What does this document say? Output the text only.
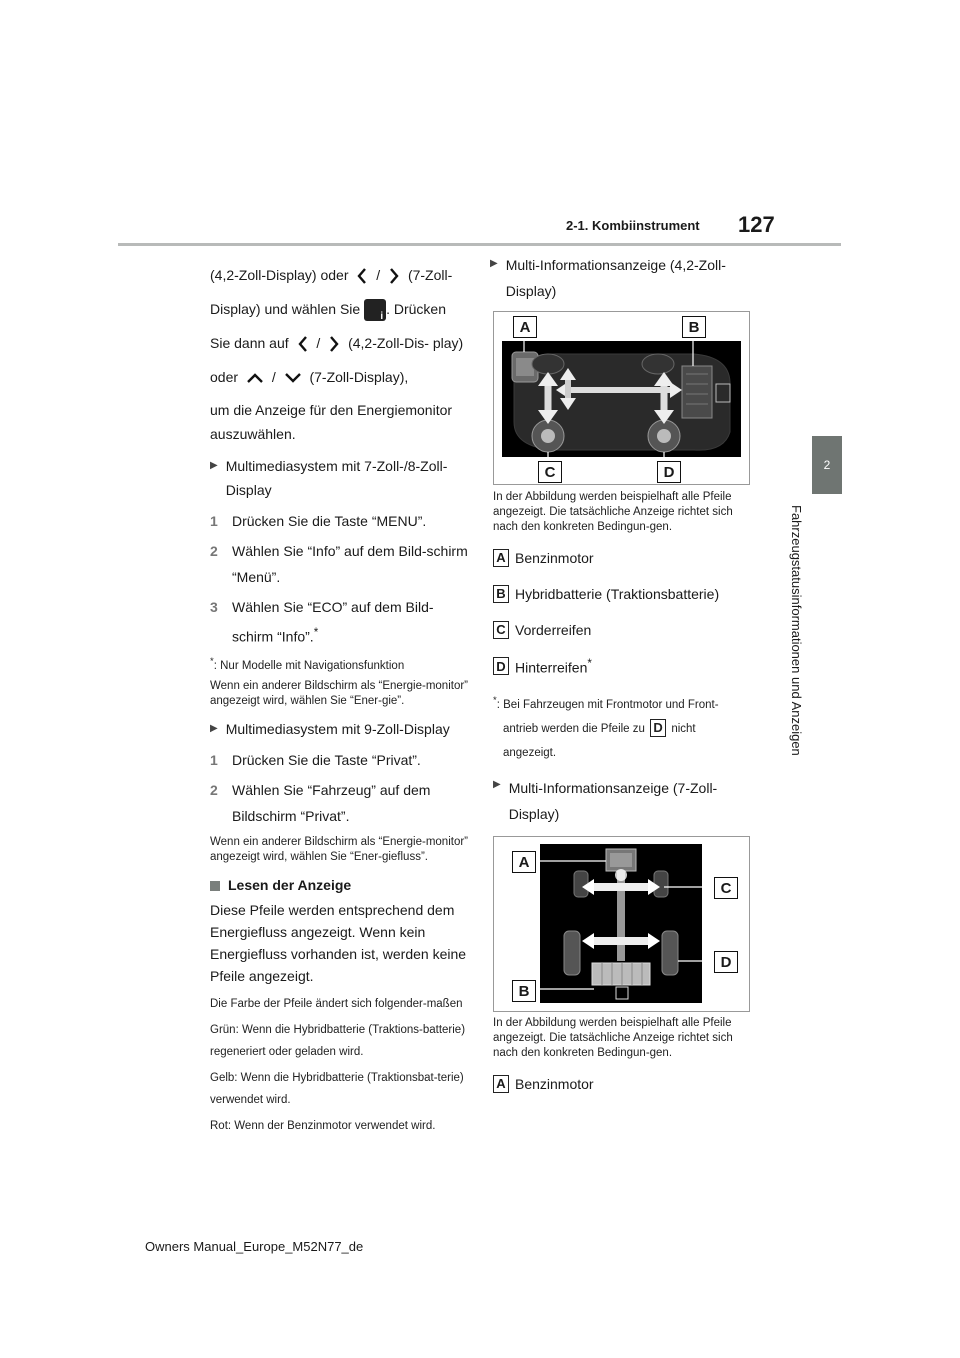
2-1. Kombiinstrument 127
2
Fahrzeugstatusinformationen und Anzeigen

(4,2-Zoll-Display) oder / (7-Zoll- Display) und wählen Sie i . Drücken Sie dann auf / (4,2-Zoll-Dis- play) oder / (7-Zoll-Display),

um die Anzeige für den Energiemonitor auszuwählen.

▶ Multimediasystem mit 7-Zoll-/8-Zoll-Display
1	Drücken Sie die Taste “MENU”.
2	Wählen Sie “Info” auf dem Bild-schirm “Menü”.
3	Wählen Sie “ECO” auf dem Bild-schirm “Info”.*

*: Nur Modelle mit Navigationsfunktion

Wenn ein anderer Bildschirm als “Energie-monitor” angezeigt wird, wählen Sie “Ener-gie”.

▶ Multimediasystem mit 9-Zoll-Display
1	Drücken Sie die Taste “Privat”.
2	Wählen Sie “Fahrzeug” auf dem Bildschirm “Privat”.

Wenn ein anderer Bildschirm als “Energie-monitor” angezeigt wird, wählen Sie “Ener-giefluss”.

Lesen der Anzeige

Diese Pfeile werden entsprechend dem Energiefluss angezeigt. Wenn kein Energiefluss vorhanden ist, werden keine Pfeile angezeigt.

Die Farbe der Pfeile ändert sich folgender-maßen

Grün: Wenn die Hybridbatterie (Traktions-batterie) regeneriert oder geladen wird.

Gelb: Wenn die Hybridbatterie (Traktionsbat-terie) verwendet wird.

Rot: Wenn der Benzinmotor verwendet wird.

▶ Multi-Informationsanzeige (4,2-Zoll-Display)
A	B
C	D

In der Abbildung werden beispielhaft alle Pfeile angezeigt. Die tatsächliche Anzeige richtet sich nach den konkreten Bedingun-gen.

A Benzinmotor
B Hybridbatterie (Traktionsbatterie)
C Vorderreifen
D Hinterreifen*

*: Bei Fahrzeugen mit Frontmotor und Front-
antrieb werden die Pfeile zu D nicht
angezeigt.

▶ Multi-Informationsanzeige (7-Zoll-Display)
A
C
D
B

In der Abbildung werden beispielhaft alle Pfeile angezeigt. Die tatsächliche Anzeige richtet sich nach den konkreten Bedingun-gen.

A Benzinmotor
Owners Manual_Europe_M52N77_de
